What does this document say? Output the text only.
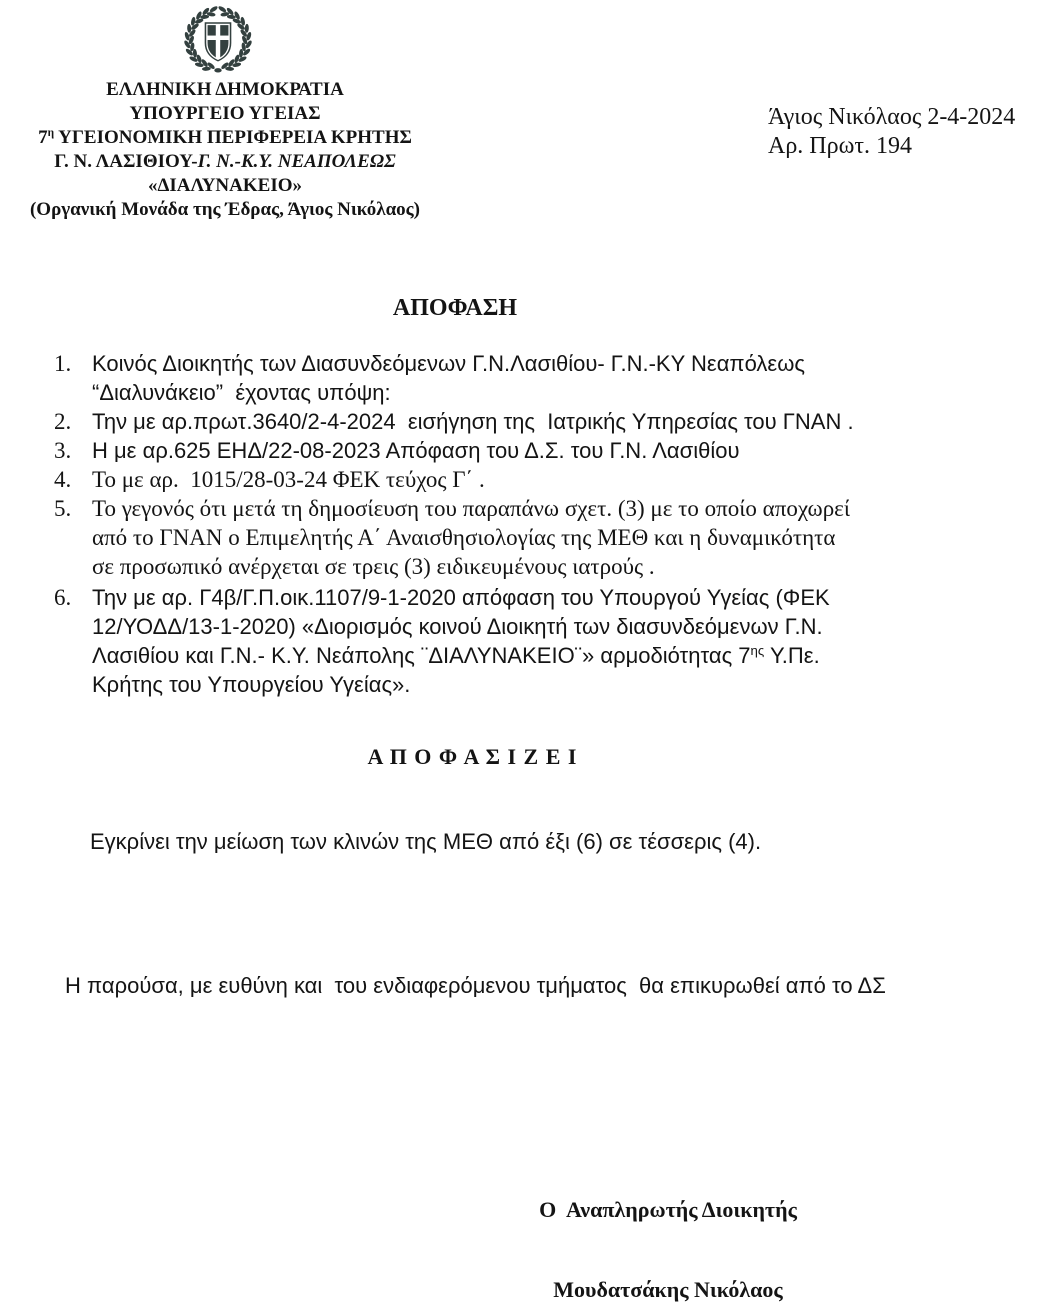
ΕΛΛΗΝΙΚΗ ΔΗΜΟΚΡΑΤΙΑ
ΥΠΟΥΡΓΕΙΟ ΥΓΕΙΑΣ
$7^\eta$ ΥΓΕΙΟΝΟΜΙΚΗ ΠΕΡΙΦΕΡΕΙΑ ΚΡΗΤΗΣ
Γ. Ν. ΛΑΣΙΘΙΟΥ-Γ. Ν.-Κ.Υ. ΝΕΑΠΟΛΕΩΣ
«ΔΙΑΛΥΝΑΚΕΙΟ»
(Οργανική Μονάδα της Έδρας, Άγιος Νικόλαος)
Άγιος Νικόλαος 2-4-2024
Αρ. Πρωτ. 194
ΑΠΟΦΑΣΗ
1. Κοινός Διοικητής των Διασυνδεόμενων Γ.Ν.Λασιθίου- Γ.Ν.-ΚΥ Νεαπόλεως
“Διαλυνάκειο”  έχοντας υπόψη:
2. Την με αρ.πρωτ.3640/2-4-2024  εισήγηση της  Ιατρικής Υπηρεσίας του ΓΝΑΝ .
3. Η με αρ.625 ΕΗΔ/22-08-2023 Απόφαση του Δ.Σ. του Γ.Ν. Λασιθίου
4. Το με αρ.  1015/28-03-24 ΦΕΚ τεύχος Γ΄ .
5. Το γεγονός ότι μετά τη δημοσίευση του παραπάνω σχετ. (3) με το οποίο αποχωρεί
από το ΓΝΑΝ ο Επιμελητής Α΄ Αναισθησιολογίας της ΜΕΘ και η δυναμικότητα
σε προσωπικό ανέρχεται σε τρεις (3) ειδικευμένους ιατρούς .
6. Την με αρ. Γ4β/Γ.Π.οικ.1107/9-1-2020 απόφαση του Υπουργού Υγείας (ΦΕΚ
12/ΥΟΔΔ/13-1-2020) «Διορισμός κοινού Διοικητή των διασυνδεόμενων Γ.Ν.
Λασιθίου και Γ.Ν.- Κ.Υ. Νεάπολης ¨ΔΙΑΛΥΝΑΚΕΙΟ¨» αρμοδιότητας $7^{\eta\varsigma}$ Υ.Πε.
Κρήτης του Υπουργείου Υγείας».
Α Π Ο Φ Α Σ Ι Ζ Ε Ι
Εγκρίνει την μείωση των κλινών της ΜΕΘ από έξι (6) σε τέσσερις (4).
Η παρούσα, με ευθύνη και  του ενδιαφερόμενου τμήματος  θα επικυρωθεί από το ΔΣ
Ο  Αναπληρωτής Διοικητής
Μουδατσάκης Νικόλαος
